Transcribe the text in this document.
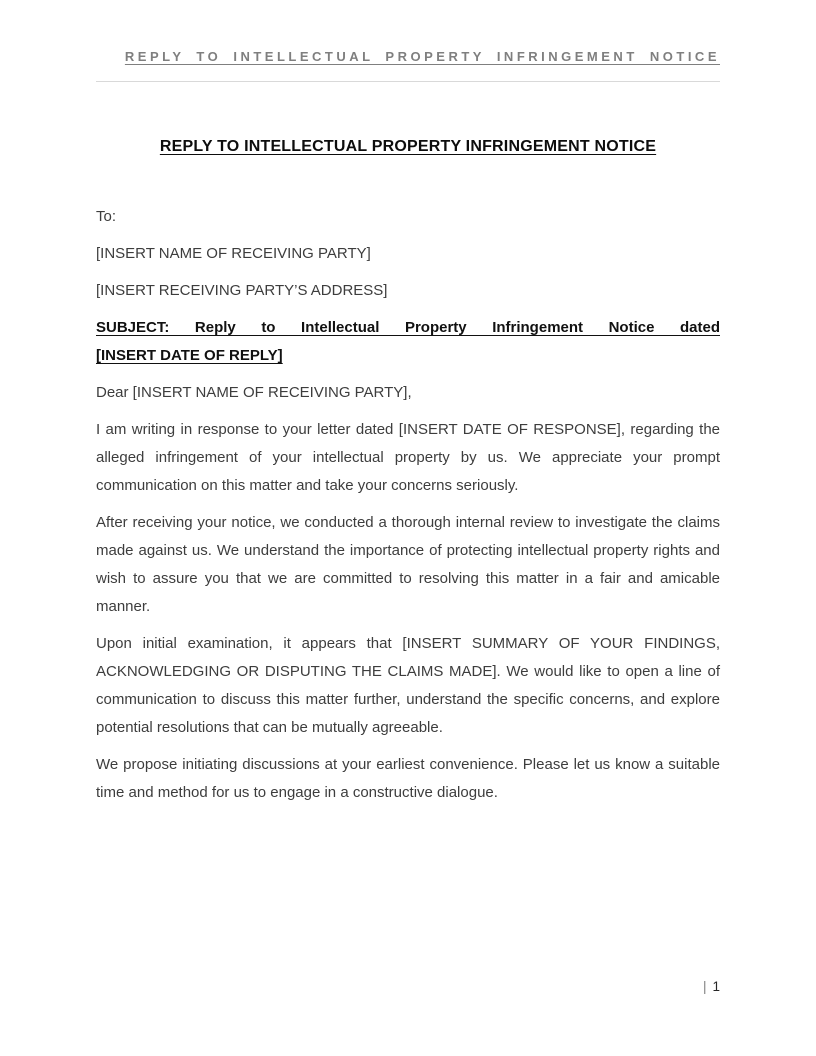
REPLY TO INTELLECTUAL PROPERTY INFRINGEMENT NOTICE
REPLY TO INTELLECTUAL PROPERTY INFRINGEMENT NOTICE

To:

[INSERT NAME OF RECEIVING PARTY]

[INSERT RECEIVING PARTY’S ADDRESS]

SUBJECT: Reply to Intellectual Property Infringement Notice dated
[INSERT DATE OF REPLY]

Dear [INSERT NAME OF RECEIVING PARTY],

I am writing in response to your letter dated [INSERT DATE OF RESPONSE], regarding the alleged infringement of your intellectual property by us. We appreciate your prompt communication on this matter and take your concerns seriously.

After receiving your notice, we conducted a thorough internal review to investigate the claims made against us. We understand the importance of protecting intellectual property rights and wish to assure you that we are committed to resolving this matter in a fair and amicable manner.

Upon initial examination, it appears that [INSERT SUMMARY OF YOUR FINDINGS, ACKNOWLEDGING OR DISPUTING THE CLAIMS MADE]. We would like to open a line of communication to discuss this matter further, understand the specific concerns, and explore potential resolutions that can be mutually agreeable.

We propose initiating discussions at your earliest convenience. Please let us know a suitable time and method for us to engage in a constructive dialogue.

| 1
